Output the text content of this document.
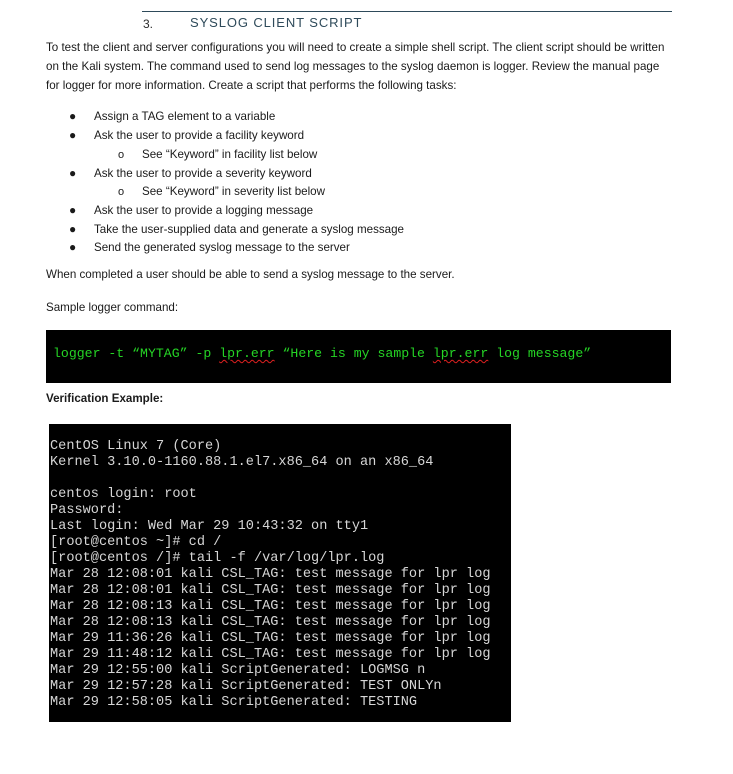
3.	SYSLOG CLIENT SCRIPT
To test the client and server configurations you will need to create a simple shell script. The client script should be written on the Kali system. The command used to send log messages to the syslog daemon is logger. Review the manual page for logger for more information. Create a script that performs the following tasks:
● Assign a TAG element to a variable
● Ask the user to provide a facility keyword
o See “Keyword” in facility list below
● Ask the user to provide a severity keyword
o See “Keyword” in severity list below
● Ask the user to provide a logging message
● Take the user-supplied data and generate a syslog message
● Send the generated syslog message to the server
When completed a user should be able to send a syslog message to the server.
Sample logger command:
logger -t “MYTAG” -p lpr.err “Here is my sample lpr.err log message”
Verification Example:
CentOS Linux 7 (Core)
Kernel 3.10.0-1160.88.1.el7.x86_64 on an x86_64
centos login: root
Password:
Last login: Wed Mar 29 10:43:32 on tty1
[root@centos ~]# cd /
[root@centos /]# tail -f /var/log/lpr.log
Mar 28 12:08:01 kali CSL_TAG: test message for lpr log
Mar 28 12:08:01 kali CSL_TAG: test message for lpr log
Mar 28 12:08:13 kali CSL_TAG: test message for lpr log
Mar 28 12:08:13 kali CSL_TAG: test message for lpr log
Mar 29 11:36:26 kali CSL_TAG: test message for lpr log
Mar 29 11:48:12 kali CSL_TAG: test message for lpr log
Mar 29 12:55:00 kali ScriptGenerated: LOGMSG n
Mar 29 12:57:28 kali ScriptGenerated: TEST ONLYn
Mar 29 12:58:05 kali ScriptGenerated: TESTING
